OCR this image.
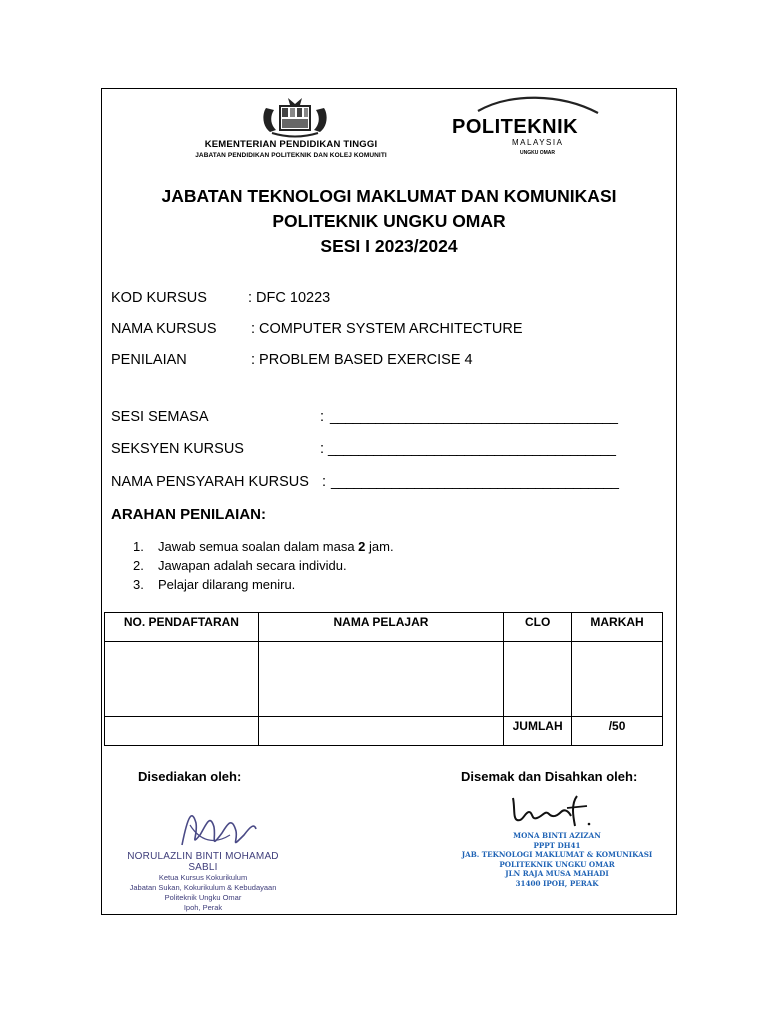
KEMENTERIAN PENDIDIKAN TINGGI
JABATAN PENDIDIKAN POLITEKNIK DAN KOLEJ KOMUNITI
POLITEKNIK
MALAYSIA
UNGKU OMAR
JABATAN TEKNOLOGI MAKLUMAT DAN KOMUNIKASI
POLITEKNIK UNGKU OMAR
SESI I 2023/2024
KOD KURSUS	: DFC 10223
NAMA KURSUS : COMPUTER SYSTEM ARCHITECTURE
PENILAIAN	: PROBLEM BASED EXERCISE 4
SESI SEMASA	: ______________________________________
SEKSYEN KURSUS	: ______________________________________
NAMA PENSYARAH KURSUS : ______________________________________
ARAHAN PENILAIAN:
1.	Jawab semua soalan dalam masa 2 jam.
2.	Jawapan adalah secara individu.
3.	Pelajar dilarang meniru.
NO. PENDAFTARAN	NAMA PELAJAR	CLO	MARKAH

		JUMLAH	/50
Disediakan oleh:	Disemak dan Disahkan oleh:
NORULAZLIN BINTI MOHAMAD SABLI
Ketua Kursus Kokurikulum
Jabatan Sukan, Kokurikulum & Kebudayaan
Politeknik Ungku Omar
Ipoh, Perak
MONA BINTI AZIZAN
PPPT DH41
JAB. TEKNOLOGI MAKLUMAT & KOMUNIKASI
POLITEKNIK UNGKU OMAR
JLN RAJA MUSA MAHADI
31400 IPOH, PERAK
